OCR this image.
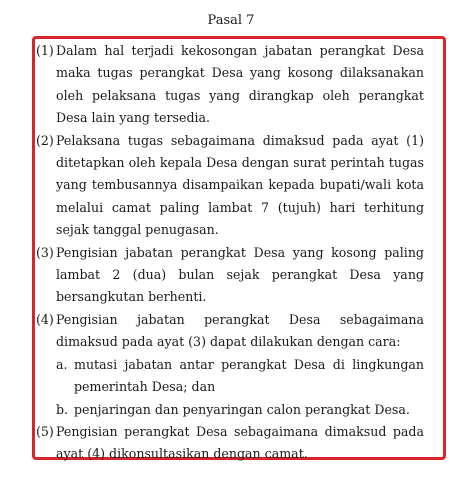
Pasal 7
(1) Dalam hal terjadi kekosongan jabatan perangkat Desa maka tugas perangkat Desa yang kosong dilaksanakan oleh pelaksana tugas yang dirangkap oleh perangkat Desa lain yang tersedia.
(2) Pelaksana tugas sebagaimana dimaksud pada ayat (1) ditetapkan oleh kepala Desa dengan surat perintah tugas yang tembusannya disampaikan kepada bupati/wali kota melalui camat paling lambat 7 (tujuh) hari terhitung sejak tanggal penugasan.
(3) Pengisian jabatan perangkat Desa yang kosong paling lambat 2 (dua) bulan sejak perangkat Desa yang bersangkutan berhenti.
(4) Pengisian jabatan perangkat Desa sebagaimana dimaksud pada ayat (3) dapat dilakukan dengan cara:
a. mutasi jabatan antar perangkat Desa di lingkungan pemerintah Desa; dan
b. penjaringan dan penyaringan calon perangkat Desa.
(5) Pengisian perangkat Desa sebagaimana dimaksud pada ayat (4) dikonsultasikan dengan camat.
